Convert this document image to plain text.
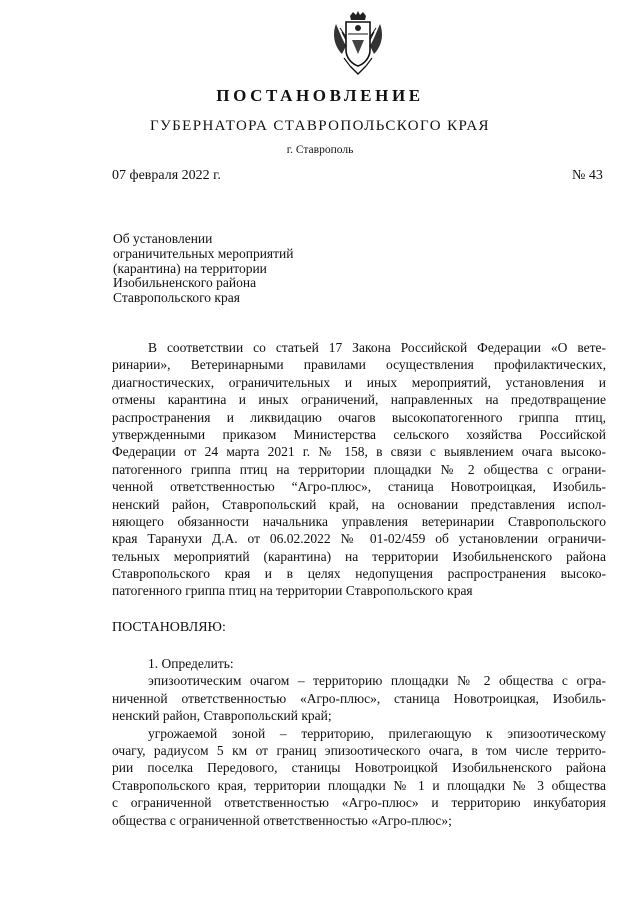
ПОСТАНОВЛЕНИЕ
ГУБЕРНАТОРА СТАВРОПОЛЬСКОГО КРАЯ
г. Ставрополь
07 февраля 2022 г.	№ 43
Об установлении
ограничительных мероприятий
(карантина) на территории
Изобильненского района
Ставропольского края
В соответствии со статьей 17 Закона Российской Федерации «О вете-
ринарии», Ветеринарными правилами осуществления профилактических,
диагностических, ограничительных и иных мероприятий, установления и
отмены карантина и иных ограничений, направленных на предотвращение
распространения и ликвидацию очагов высокопатогенного гриппа птиц,
утвержденными приказом Министерства сельского хозяйства Российской
Федерации от 24 марта 2021 г. № 158, в связи с выявлением очага высоко-
патогенного гриппа птиц на территории площадки № 2 общества с ограни-
ченной ответственностью “Агро-плюс», станица Новотроицкая, Изобиль-
ненский район, Ставропольский край, на основании представления испол-
няющего обязанности начальника управления ветеринарии Ставропольского
края Таранухи Д.А. от 06.02.2022 № 01-02/459 об установлении ограничи-
тельных мероприятий (карантина) на территории Изобильненского района
Ставропольского края и в целях недопущения распространения высоко-
патогенного гриппа птиц на территории Ставропольского края
ПОСТАНОВЛЯЮ:
1. Определить:
эпизоотическим очагом – территорию площадки № 2 общества с огра-
ниченной ответственностью «Агро-плюс», станица Новотроицкая, Изобиль-
ненский район, Ставропольский край;
угрожаемой зоной – территорию, прилегающую к эпизоотическому
очагу, радиусом 5 км от границ эпизоотического очага, в том числе террито-
рии поселка Передового, станицы Новотроицкой Изобильненского района
Ставропольского края, территории площадки № 1 и площадки № 3 общества
с ограниченной ответственностью «Агро-плюс» и территорию инкубатория
общества с ограниченной ответственностью «Агро-плюс»;
